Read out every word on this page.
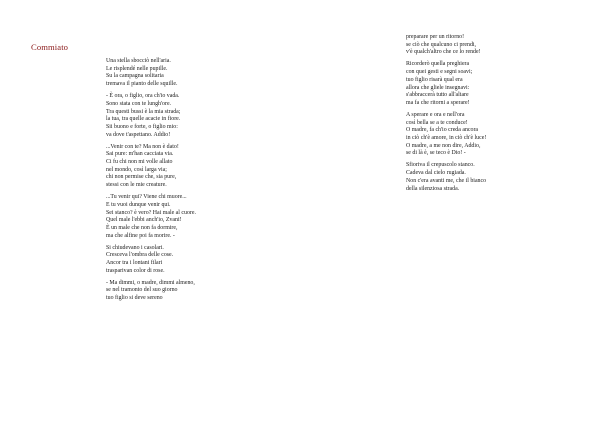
Commiato
Una stella sbocciò nell'aria.
Le risplendé nelle pupille.
Su la campagna solitaria
tremava il pianto delle squille.
- È ora, o figlio, ora ch'io vada.
Sono stata con te lungh'ore.
Tra questi bussi è la mia strada;
la tua, tra quelle acacie in fiore.
Sii buono e forte, o figlio mio:
va dove t'aspettano. Addio!
...Venir con te? Ma non è dato!
Sai pure: m'han cacciata via.
Ci fu chi non mi volle allato
nel mondo, così larga via;
chi non permise che, sia pure,
stessi con le mie creature.
...Tu venir qui? Viene chi muore...
E tu vuoi dunque venir qui.
Sei stanco? è vero? Hai male al cuore.
Quel male l'ebbi anch'io, Zvani!
È un male che non fa dormire,
ma che alfine poi fa morire. -
Si chiudevano i casolari.
Cresceva l'ombra delle cose.
Ancor tra i lontani filari
trasparivan color di rose.
- Ma dimmi, o madre, dimmi almeno,
se nel tramonto del suo giorno
tuo figlio si deve sereno
preparare per un ritorno!
se ciò che qualcuno ci prendi,
v'è qualch'altro che ce lo rende!
Ricorderò quella preghiera
con quei gesti e segni soavi;
tuo figlio risarà qual era
allora che gliele insegnavi:
s'abbraccerà tutto all'altare
ma fa che ritorni a sperare!
A sperare e ora e nell'ora
così bella se a te conduce!
O madre, fa ch'io creda ancora
in ciò ch'è amore, in ciò ch'è luce!
O madre, a me non dire, Addio,
se di là è, se teco è Dio! -
Sfioriva il crepuscolo stanco.
Cadeva dal cielo rugiada.
Non c'era avanti me, che il bianco
della silenziosa strada.
